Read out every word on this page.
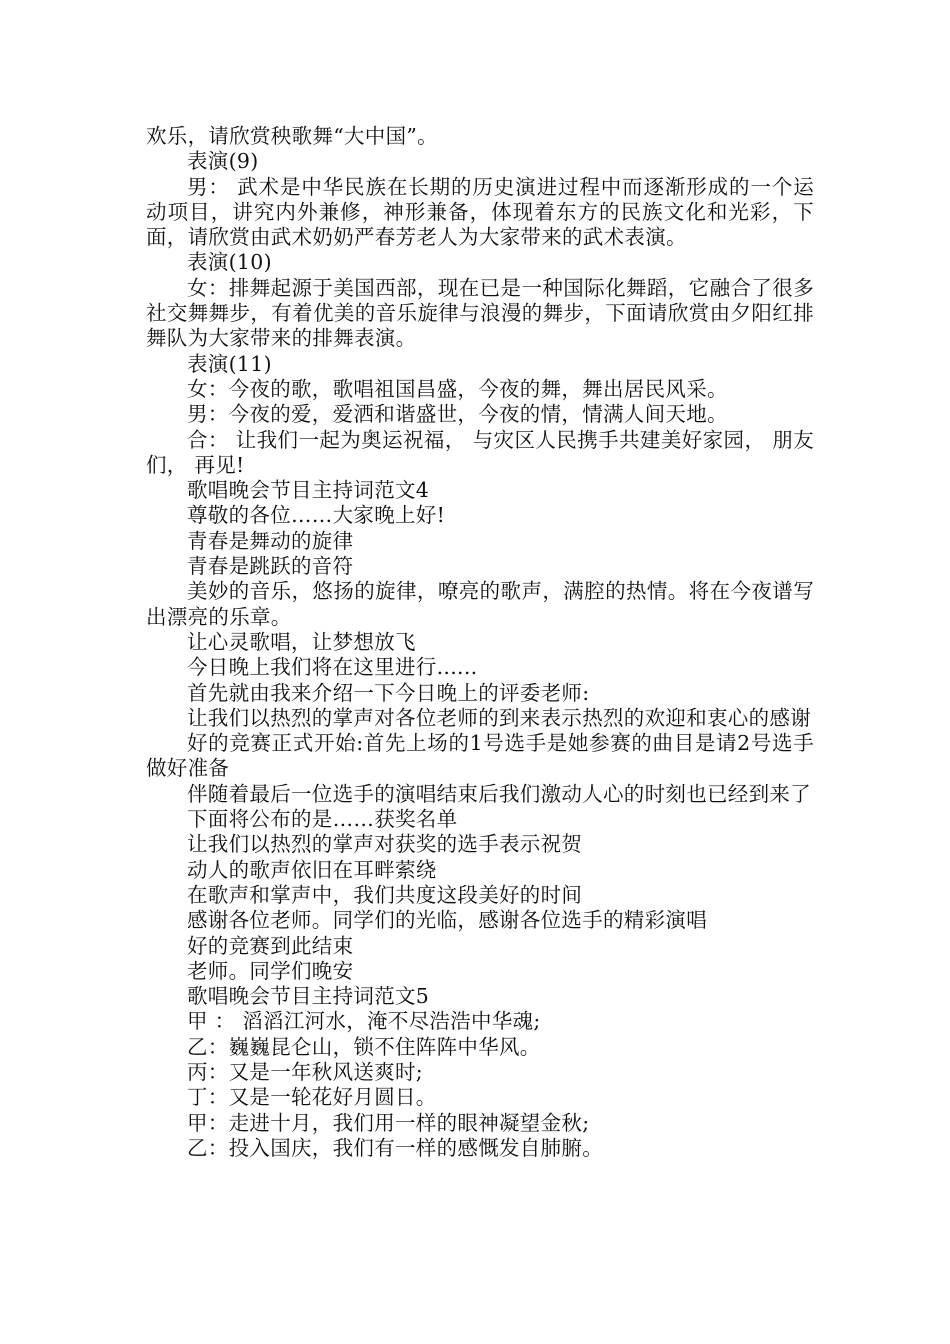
欢乐，请欣赏秧歌舞“大中国”。

表演(9)

男： 武术是中华民族在长期的历史演进过程中而逐渐形成的一个运动项目，讲究内外兼修，神形兼备，体现着东方的民族文化和光彩，下面，请欣赏由武术奶奶严春芳老人为大家带来的武术表演。

表演(10)

女：排舞起源于美国西部，现在已是一种国际化舞蹈，它融合了很多社交舞舞步，有着优美的音乐旋律与浪漫的舞步，下面请欣赏由夕阳红排舞队为大家带来的排舞表演。

表演(11)

女：今夜的歌，歌唱祖国昌盛，今夜的舞，舞出居民风采。

男：今夜的爱，爱洒和谐盛世，今夜的情，情满人间天地。

合： 让我们一起为奥运祝福， 与灾区人民携手共建美好家园， 朋友们， 再见!

歌唱晚会节目主持词范文4

尊敬的各位……大家晚上好!

青春是舞动的旋律

青春是跳跃的音符

美妙的音乐，悠扬的旋律，嘹亮的歌声，满腔的热情。将在今夜谱写出漂亮的乐章。

让心灵歌唱，让梦想放飞

今日晚上我们将在这里进行......

首先就由我来介绍一下今日晚上的评委老师:

让我们以热烈的掌声对各位老师的到来表示热烈的欢迎和衷心的感谢

好的竞赛正式开始:首先上场的1号选手是她参赛的曲目是请2号选手做好准备

伴随着最后一位选手的演唱结束后我们激动人心的时刻也已经到来了

下面将公布的是……获奖名单

让我们以热烈的掌声对获奖的选手表示祝贺

动人的歌声依旧在耳畔萦绕

在歌声和掌声中，我们共度这段美好的时间

感谢各位老师。同学们的光临，感谢各位选手的精彩演唱

好的竞赛到此结束

老师。同学们晚安

歌唱晚会节目主持词范文5

甲 ： 滔滔江河水，淹不尽浩浩中华魂;

乙：巍巍昆仑山，锁不住阵阵中华风。

丙：又是一年秋风送爽时;

丁：又是一轮花好月圆日。

甲：走进十月，我们用一样的眼神凝望金秋;

乙：投入国庆，我们有一样的感慨发自肺腑。
